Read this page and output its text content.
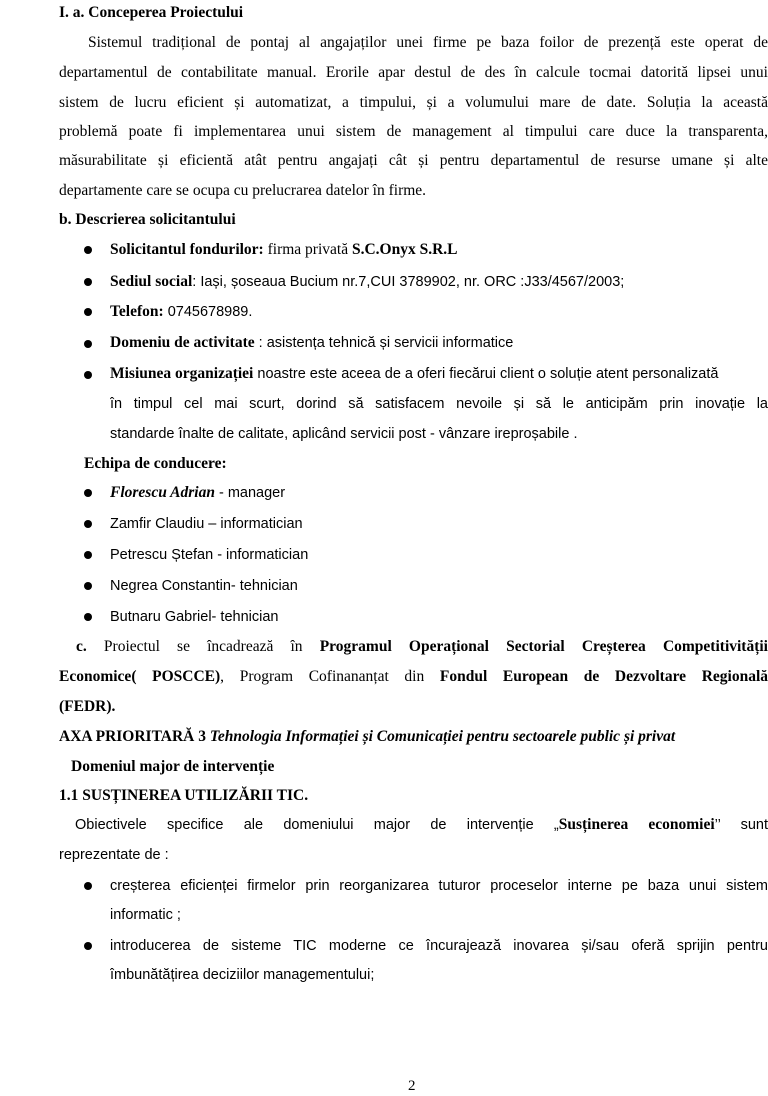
I. a. Conceperea Proiectului
Sistemul tradițional de pontaj al angajaților unei firme pe baza foilor de prezență este operat de
departamentul de contabilitate manual. Erorile apar destul de des în calcule tocmai datorită lipsei unui
sistem de lucru eficient și automatizat, a timpului, și a volumului mare de date. Soluția la această
problemă poate fi implementarea unui sistem de management al timpului care duce la transparenta,
măsurabilitate și eficientă atât pentru angajați cât și pentru departamentul de resurse umane și alte
departamente care se ocupa cu prelucrarea datelor în firme.
b. Descrierea solicitantului
Solicitantul fondurilor: firma privată S.C.Onyx S.R.L
Sediul social: Iași, șoseaua Bucium nr.7,CUI 3789902, nr. ORC :J33/4567/2003;
Telefon: 0745678989.
Domeniu de activitate : asistența tehnică și servicii informatice
Misiunea organizației noastre este aceea de a oferi fiecărui client o soluție atent personalizată
în timpul cel mai scurt, dorind să satisfacem nevoile și să le anticipăm prin inovație la
standarde înalte de calitate, aplicând servicii post - vânzare ireproșabile .
Echipa de conducere:
Florescu Adrian - manager
Zamfir Claudiu – informatician
Petrescu Ștefan - informatician
Negrea Constantin- tehnician
Butnaru Gabriel- tehnician
c. Proiectul se încadrează în Programul Operațional Sectorial Creșterea Competitivității
Economice( POSCCE), Program Cofinananțat din Fondul European de Dezvoltare Regională
(FEDR).
AXA PRIORITARĂ 3 Tehnologia Informației și Comunicației pentru sectoarele public și privat
Domeniul major de intervenție
1.1 SUSȚINEREA UTILIZĂRII TIC.
Obiectivele specifice ale domeniului major de intervenție „Susținerea economiei’’ sunt
reprezentate de :
creșterea eficienței firmelor prin reorganizarea tuturor proceselor interne pe baza unui sistem
informatic ;
introducerea de sisteme TIC moderne ce încurajează inovarea și/sau oferă sprijin pentru
îmbunătățirea deciziilor managementului;
2
